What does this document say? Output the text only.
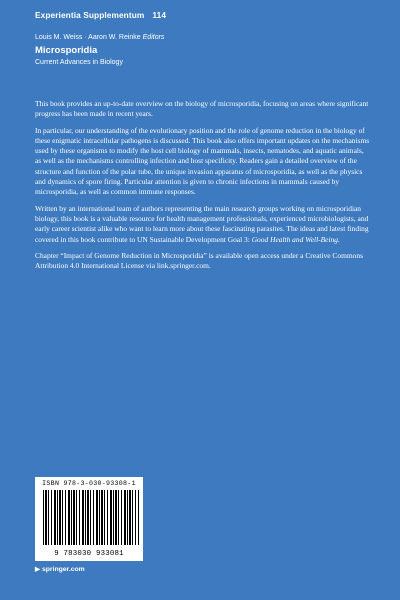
Experientia Supplementum 114
Louis M. Weiss · Aaron W. Reinke Editors
Microsporidia
Current Advances in Biology

This book provides an up-to-date overview on the biology of microsporidia, focusing on areas where significant progress has been made in recent years.

In particular, our understanding of the evolutionary position and the role of genome reduction in the biology of these enigmatic intracellular pathogens is discussed. This book also offers important updates on the mechanisms used by these organisms to modify the host cell biology of mammals, insects, nematodes, and aquatic animals, as well as the mechanisms controlling infection and host specificity. Readers gain a detailed overview of the structure and function of the polar tube, the unique invasion apparatus of microsporidia, as well as the physics and dynamics of spore firing. Particular attention is given to chronic infections in mammals caused by microsporidia, as well as common immune responses.

Written by an international team of authors representing the main research groups working on microsporidian biology, this book is a valuable resource for health management professionals, experienced microbiologists, and early career scientist alike who want to learn more about these fascinating parasites. The ideas and latest finding covered in this book contribute to UN Sustainable Development Goal 3: Good Health and Well-Being.

Chapter “Impact of Genome Reduction in Microsporidia” is available open access under a Creative Commons Attribution 4.0 International License via link.springer.com.

ISBN 978-3-030-93308-1
9 783030 933081
▶ springer.com
